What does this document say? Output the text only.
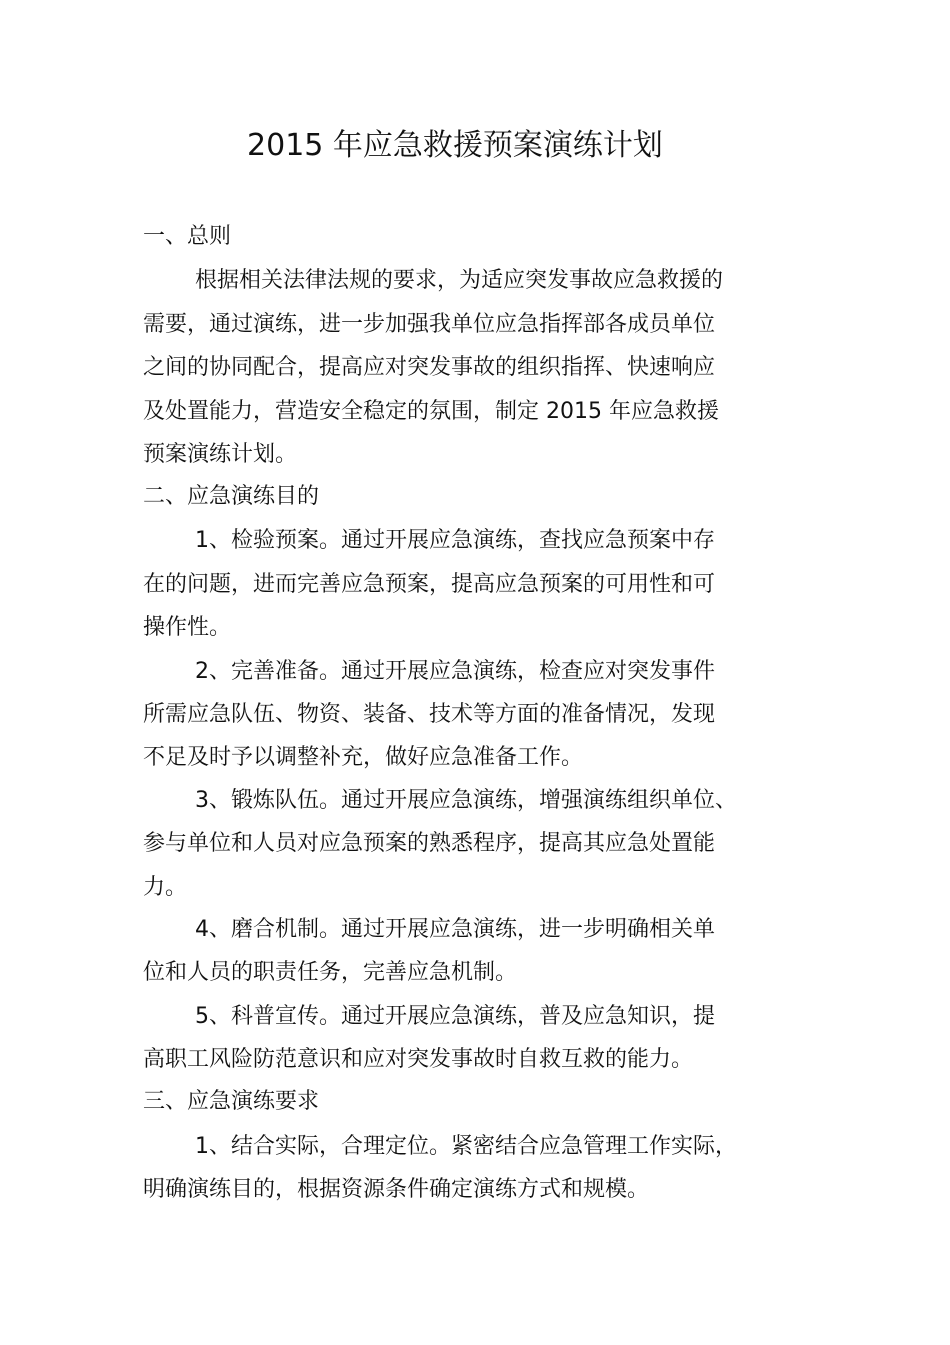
2015 年应急救援预案演练计划

一、总则

根据相关法律法规的要求，为适应突发事故应急救援的

需要，通过演练，进一步加强我单位应急指挥部各成员单位

之间的协同配合，提高应对突发事故的组织指挥、快速响应

及处置能力，营造安全稳定的氛围，制定 2015 年应急救援

预案演练计划。

二、应急演练目的

1、检验预案。通过开展应急演练，查找应急预案中存

在的问题，进而完善应急预案，提高应急预案的可用性和可

操作性。

2、完善准备。通过开展应急演练，检查应对突发事件

所需应急队伍、物资、装备、技术等方面的准备情况，发现

不足及时予以调整补充，做好应急准备工作。

3、锻炼队伍。通过开展应急演练，增强演练组织单位、

参与单位和人员对应急预案的熟悉程序，提高其应急处置能

力。

4、磨合机制。通过开展应急演练，进一步明确相关单

位和人员的职责任务，完善应急机制。

5、科普宣传。通过开展应急演练，普及应急知识，提

高职工风险防范意识和应对突发事故时自救互救的能力。

三、应急演练要求

1、结合实际，合理定位。紧密结合应急管理工作实际，

明确演练目的，根据资源条件确定演练方式和规模。
